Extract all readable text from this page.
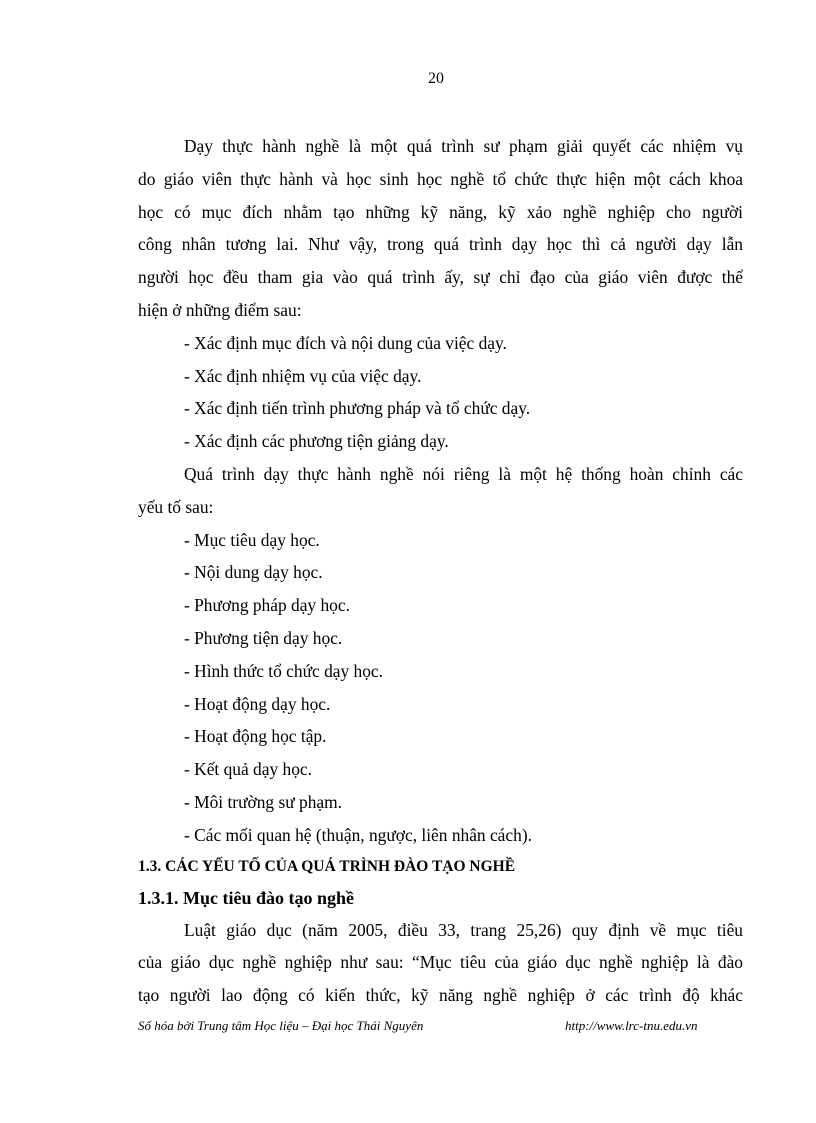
20
Dạy thực hành nghề là một quá trình sư phạm giải quyết các nhiệm vụ
do giáo viên thực hành và học sinh học nghề tổ chức thực hiện một cách khoa
học có mục đích nhằm tạo những kỹ năng, kỹ xảo nghề nghiệp cho người
công nhân tương lai. Như vậy, trong quá trình dạy học thì cả người dạy lẫn
người học đều tham gia vào quá trình ấy, sự chỉ đạo của giáo viên được thể
hiện ở những điểm sau:
- Xác định mục đích và nội dung của việc dạy.
- Xác định nhiệm vụ của việc dạy.
- Xác định tiến trình phương pháp và tổ chức dạy.
- Xác định các phương tiện giảng dạy.
Quá trình dạy thực hành nghề nói riêng là một hệ thống hoàn chỉnh các
yếu tố sau:
- Mục tiêu dạy học.
- Nội dung dạy học.
- Phương pháp dạy học.
- Phương tiện dạy học.
- Hình thức tổ chức dạy học.
- Hoạt động dạy học.
- Hoạt động học tập.
- Kết quả dạy học.
- Môi trường sư phạm.
- Các mối quan hệ (thuận, ngược, liên nhân cách).
1.3. CÁC YẾU TỐ CỦA QUÁ TRÌNH ĐÀO TẠO NGHỀ
1.3.1. Mục tiêu đào tạo nghề
Luật giáo dục (năm 2005, điều 33, trang 25,26) quy định về mục tiêu
của giáo dục nghề nghiệp như sau: “Mục tiêu của giáo dục nghề nghiệp là đào
tạo người lao động có kiến thức, kỹ năng nghề nghiệp ở các trình độ khác
Số hóa bởi Trung tâm Học liệu – Đại học Thái Nguyên	http://www.lrc-tnu.edu.vn
